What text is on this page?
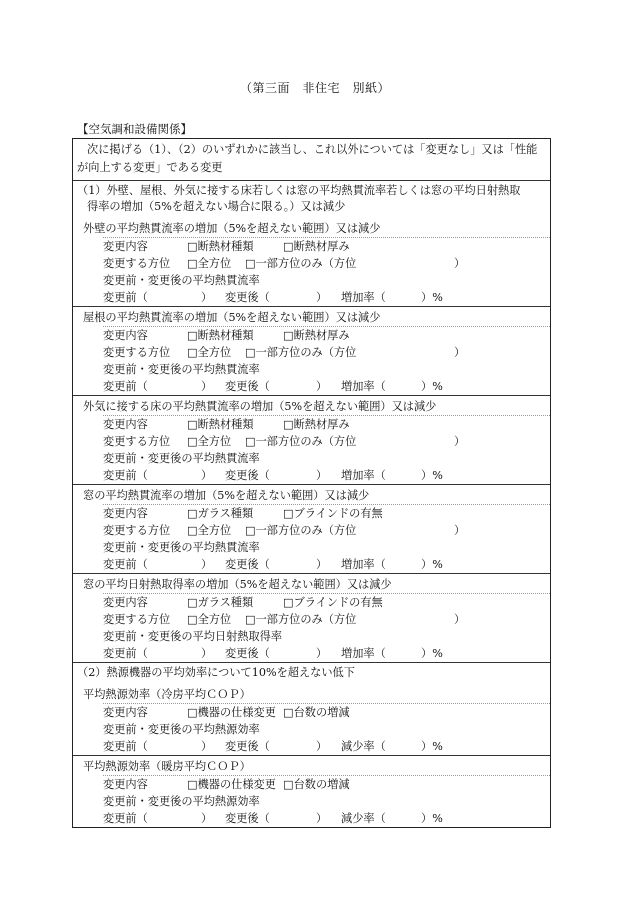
（第三面　非住宅　別紙）
【空気調和設備関係】
次に掲げる（1）、（2）のいずれかに該当し、これ以外については「変更なし」又は「性能が向上する変更」である変更

（1）外壁、屋根、外気に接する床若しくは窓の平均熱貫流率若しくは窓の平均日射熱取

得率の増加（5%を超えない場合に限る。）又は減少

外壁の平均熱貫流率の増加（5%を超えない範囲）又は減少
変更内容	□断熱材種類	□断熱材厚み
変更する方位 □全方位 □一部方位のみ（方位	）
変更前・変更後の平均熱貫流率
変更前（	） 変更後（	） 増加率（	）%
屋根の平均熱貫流率の増加（5%を超えない範囲）又は減少
変更内容	□断熱材種類	□断熱材厚み
変更する方位 □全方位 □一部方位のみ（方位	）
変更前・変更後の平均熱貫流率
変更前（	） 変更後（	） 増加率（	）%
外気に接する床の平均熱貫流率の増加（5%を超えない範囲）又は減少
変更内容	□断熱材種類	□断熱材厚み
変更する方位 □全方位 □一部方位のみ（方位	）
変更前・変更後の平均熱貫流率
変更前（	） 変更後（	） 増加率（	）%
窓の平均熱貫流率の増加（5%を超えない範囲）又は減少
変更内容	□ガラス種類	□ブラインドの有無
変更する方位 □全方位 □一部方位のみ（方位	）
変更前・変更後の平均熱貫流率
変更前（	） 変更後（	） 増加率（	）%
窓の平均日射熱取得率の増加（5%を超えない範囲）又は減少
変更内容	□ガラス種類	□ブラインドの有無
変更する方位 □全方位 □一部方位のみ（方位	）
変更前・変更後の平均日射熱取得率
変更前（	） 変更後（	） 増加率（	）%

（2）熱源機器の平均効率について10%を超えない低下

平均熱源効率（冷房平均ＣＯＰ）
変更内容	□機器の仕様変更 □台数の増減
変更前・変更後の平均熱源効率
変更前（	） 変更後（	） 減少率（	）%
平均熱源効率（暖房平均ＣＯＰ）
変更内容	□機器の仕様変更 □台数の増減
変更前・変更後の平均熱源効率
変更前（	） 変更後（	） 減少率（	）%
